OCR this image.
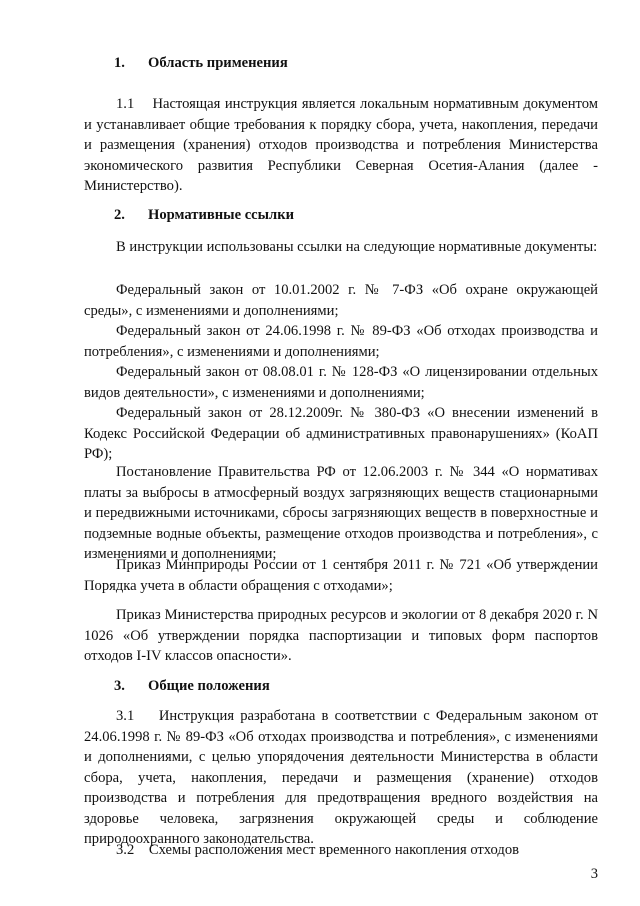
1. Область применения
1.1    Настоящая инструкция является локальным нормативным документом и устанавливает общие требования к порядку сбора, учета, накопления, передачи и размещения (хранения) отходов производства и потребления Министерства экономического развития Республики Северная Осетия-Алания (далее - Министерство).
2. Нормативные ссылки
В инструкции использованы ссылки на следующие нормативные документы:
Федеральный закон от 10.01.2002 г. № 7-ФЗ «Об охране окружающей среды», с изменениями и дополнениями;
Федеральный закон от 24.06.1998 г. № 89-ФЗ «Об отходах производства и потребления», с изменениями и дополнениями;
Федеральный закон от 08.08.01 г. № 128-ФЗ «О лицензировании отдельных видов деятельности», с изменениями и дополнениями;
Федеральный закон от 28.12.2009г. № 380-ФЗ «О внесении изменений в Кодекс Российской Федерации об административных правонарушениях» (КоАП РФ);
Постановление Правительства РФ от 12.06.2003 г. № 344 «О нормативах платы за выбросы в атмосферный воздух загрязняющих веществ стационарными и передвижными источниками, сбросы загрязняющих веществ в поверхностные и подземные водные объекты, размещение отходов производства и потребления», с изменениями и дополнениями;
Приказ Минприроды России от 1 сентября 2011 г. № 721 «Об утверждении Порядка учета в области обращения с отходами»;
Приказ Министерства природных ресурсов и экологии от 8 декабря 2020 г. N 1026 «Об утверждении порядка паспортизации и типовых форм паспортов отходов I-IV классов опасности».
3. Общие положения
3.1    Инструкция разработана в соответствии с Федеральным законом от 24.06.1998 г. № 89-ФЗ «Об отходах производства и потребления», с изменениями и дополнениями, с целью упорядочения деятельности Министерства в области сбора, учета, накопления, передачи и размещения (хранение) отходов производства и потребления для предотвращения вредного воздействия на здоровье человека, загрязнения окружающей среды и соблюдение природоохранного законодательства.
3.2    Схемы расположения мест временного накопления отходов
3
